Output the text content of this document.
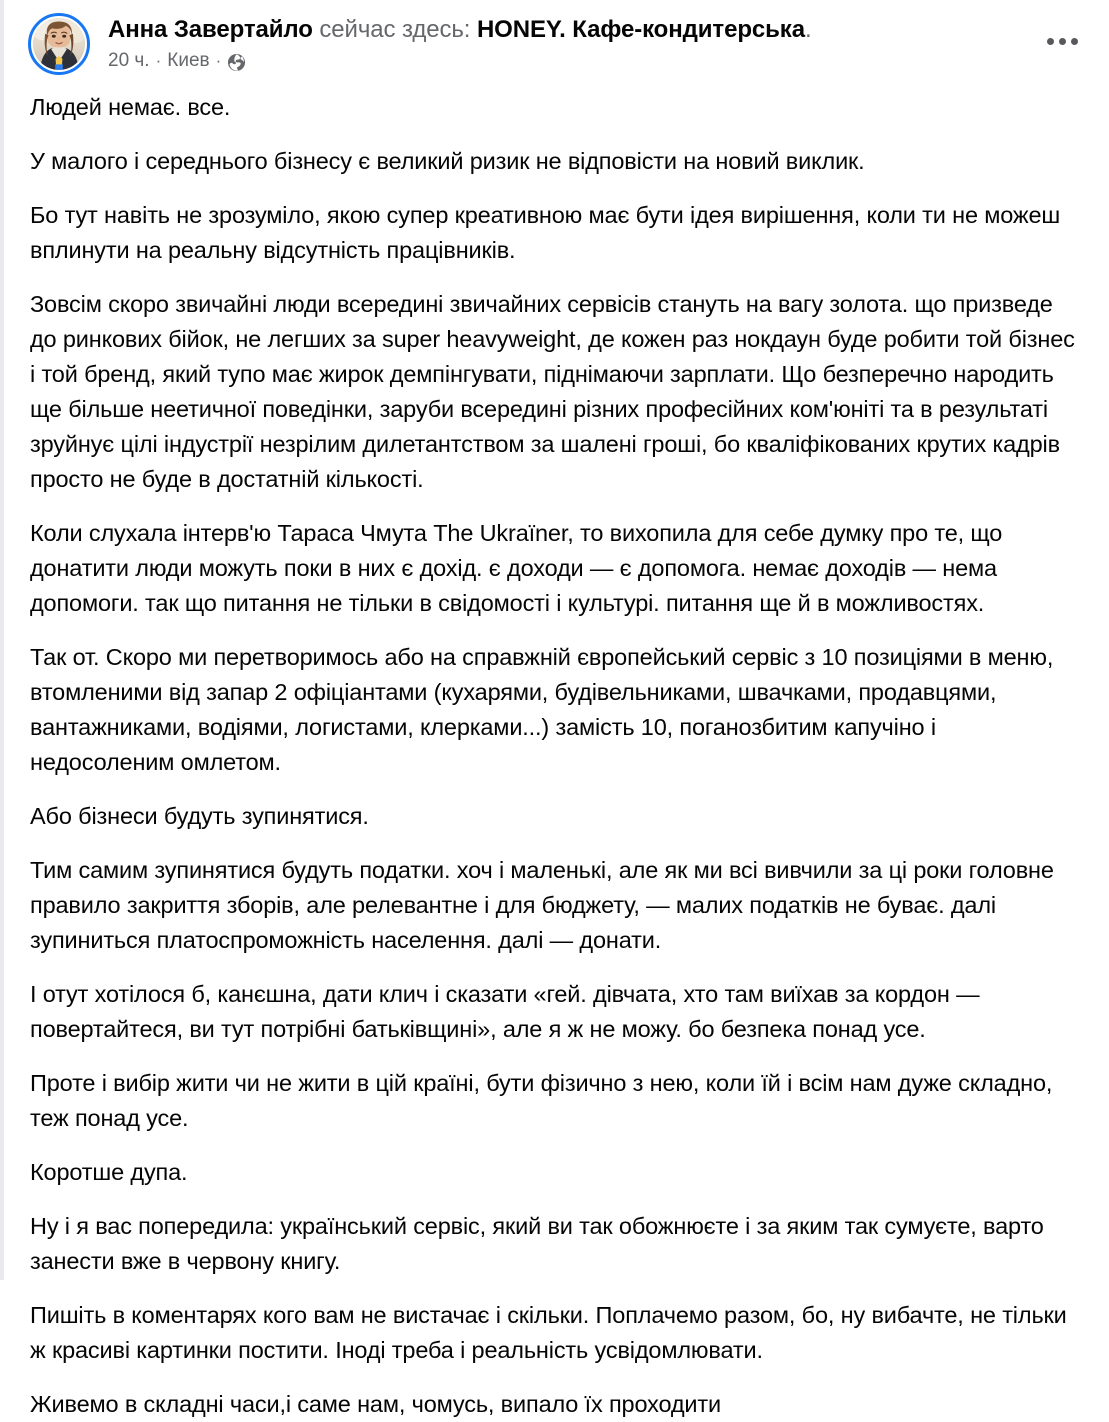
Анна Завертайло сейчас здесь: HONEY. Кафе-кондитерська.
20 ч. · Киев ·

Людей немає. все.

У малого і середнього бізнесу є великий ризик не відповісти на новий виклик.

Бо тут навіть не зрозуміло, якою супер креативною має бути ідея вирішення, коли ти не можеш вплинути на реальну відсутність працівників.

Зовсім скоро звичайні люди всередині звичайних сервісів стануть на вагу золота. що призведе до ринкових бійок, не легших за super heavyweight, де кожен раз нокдаун буде робити той бізнес і той бренд, який тупо має жирок демпінгувати, піднімаючи зарплати. Що безперечно народить ще більше неетичної поведінки, заруби всередині різних професійних ком'юніті та в результаті зруйнує цілі індустрії незрілим дилетантством за шалені гроші, бо кваліфікованих крутих кадрів просто не буде в достатній кількості.

Коли слухала інтерв'ю Тараса Чмута The Ukraïner, то вихопила для себе думку про те, що донатити люди можуть поки в них є дохід. є доходи — є допомога. немає доходів — нема допомоги. так що питання не тільки в свідомості і культурі. питання ще й в можливостях.

Так от. Скоро ми перетворимось або на справжній європейський сервіс з 10 позиціями в меню, втомленими від запар 2 офіціантами (кухарями, будівельниками, швачками, продавцями, вантажниками, водіями, логистами, клерками...) замість 10, поганозбитим капучіно і недосоленим омлетом.

Або бізнеси будуть зупинятися.

Тим самим зупинятися будуть податки. хоч і маленькі, але як ми всі вивчили за ці роки головне правило закриття зборів, але релевантне і для бюджету, — малих податків не буває. далі зупиниться платоспроможність населення. далі — донати.

І отут хотілося б, канєшна, дати клич і сказати «гей. дівчата, хто там виїхав за кордон — повертайтеся, ви тут потрібні батьківщині», але я ж не можу. бо безпека понад усе.

Проте і вибір жити чи не жити в цій країні, бути фізично з нею, коли їй і всім нам дуже складно, теж понад усе.

Коротше дупа.

Ну і я вас попередила: український сервіс, який ви так обожнюєте і за яким так сумуєте, варто занести вже в червону книгу.

Пишіть в коментарях кого вам не вистачає і скільки. Поплачемо разом, бо, ну вибачте, не тільки ж красиві картинки постити. Іноді треба і реальність усвідомлювати.

Живемо в складні часи,і саме нам, чомусь, випало їх проходити
